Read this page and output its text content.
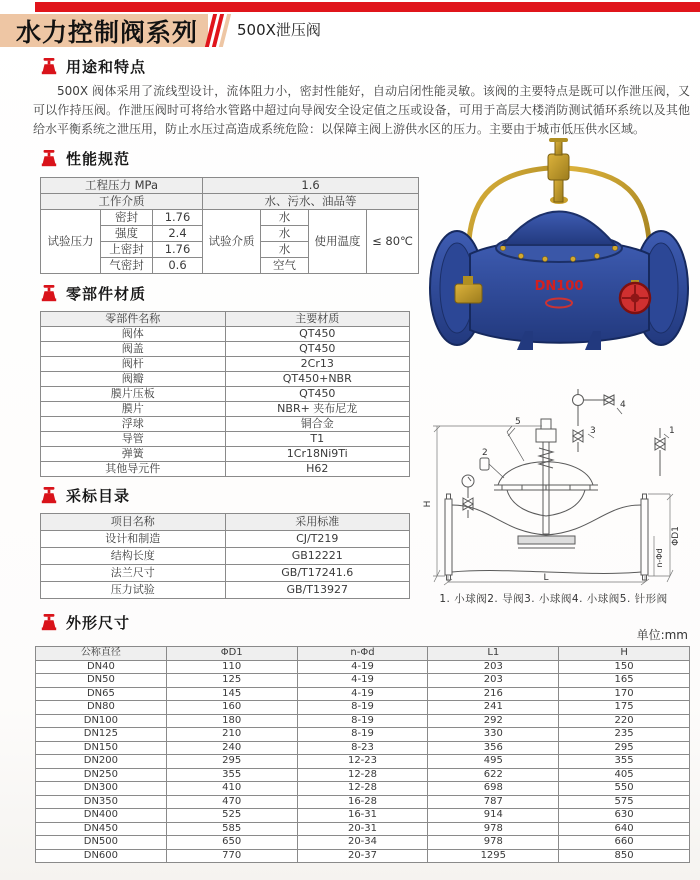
水力控制阀系列	500X泄压阀
用途和特点
500X 阀体采用了流线型设计，流体阻力小，密封性能好，自动启闭性能灵敏。该阀的主要特点是既可以作泄压阀，又可以作持压阀。作泄压阀时可将给水管路中超过向导阀安全设定值之压或设备，可用于高层大楼消防测试循环系统以及其他给水平衡系统之泄压用，防止水压过高造成系统危险：以保障主阀上游供水区的压力。主要由于城市低压供水区域。
性能规范
工程压力 MPa			1.6			
工作介质			水、污水、油品等			
试验压力	密封	1.76	试验介质	水	使用温度	≤ 80℃
	强度	2.4		水		
	上密封	1.76		水		
	气密封	0.6		空气		
零部件材质
零部件名称	主要材质
阀体	QT450
阀盖	QT450
阀杆	2Cr13
阀瓣	QT450+NBR
膜片压板	QT450
膜片	NBR+ 夹布尼龙
浮球	铜合金
导管	T1
弹簧	1Cr18Ni9Ti
其他导元件	H62
采标目录
项目名称	采用标准
设计和制造	CJ/T219
结构长度	GB12221
法兰尺寸	GB/T17241.6
压力试验	GB/T13927
外形尺寸
单位:mm
公称直径	ΦD1	n-Φd	L1	H
DN40	110	4-19	203	150
DN50	125	4-19	203	165
DN65	145	4-19	216	170
DN80	160	8-19	241	175
DN100	180	8-19	292	220
DN125	210	8-19	330	235
DN150	240	8-23	356	295
DN200	295	12-23	495	355
DN250	355	12-28	622	405
DN300	410	12-28	698	550
DN350	470	16-28	787	575
DN400	525	16-31	914	630
DN450	585	20-31	978	640
DN500	650	20-34	978	660
DN600	770	20-37	1295	850
DN100
5
2
3
4
1
H
ΦD1
n-Φd
L
1. 小球阀2. 导阀3. 小球阀4. 小球阀5. 针形阀
